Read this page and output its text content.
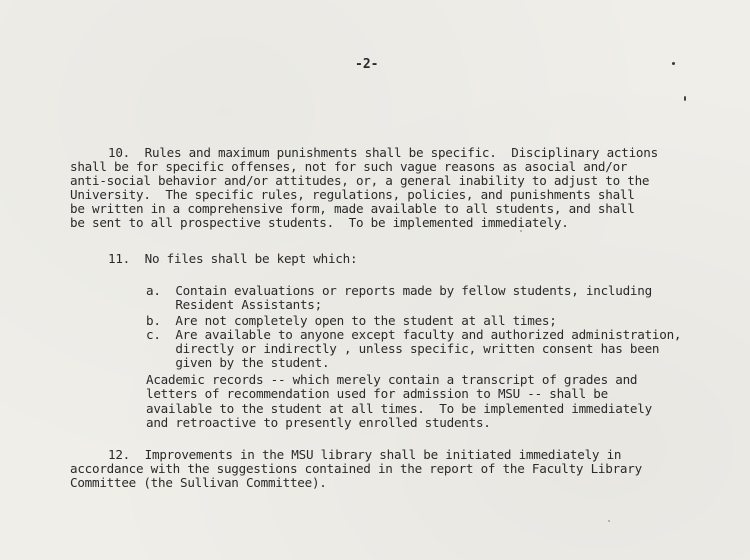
-2-
10.  Rules and maximum punishments shall be specific.  Disciplinary actions
shall be for specific offenses, not for such vague reasons as asocial and/or
anti-social behavior and/or attitudes, or, a general inability to adjust to the
University.  The specific rules, regulations, policies, and punishments shall
be written in a comprehensive form, made available to all students, and shall
be sent to all prospective students.  To be implemented immediately.
11.  No files shall be kept which:
a.  Contain evaluations or reports made by fellow students, including
Resident Assistants;
b.  Are not completely open to the student at all times;
c.  Are available to anyone except faculty and authorized administration,
directly or indirectly , unless specific, written consent has been
given by the student.
Academic records -- which merely contain a transcript of grades and
letters of recommendation used for admission to MSU -- shall be
available to the student at all times.  To be implemented immediately
and retroactive to presently enrolled students.
12.  Improvements in the MSU library shall be initiated immediately in
accordance with the suggestions contained in the report of the Faculty Library
Committee (the Sullivan Committee).
